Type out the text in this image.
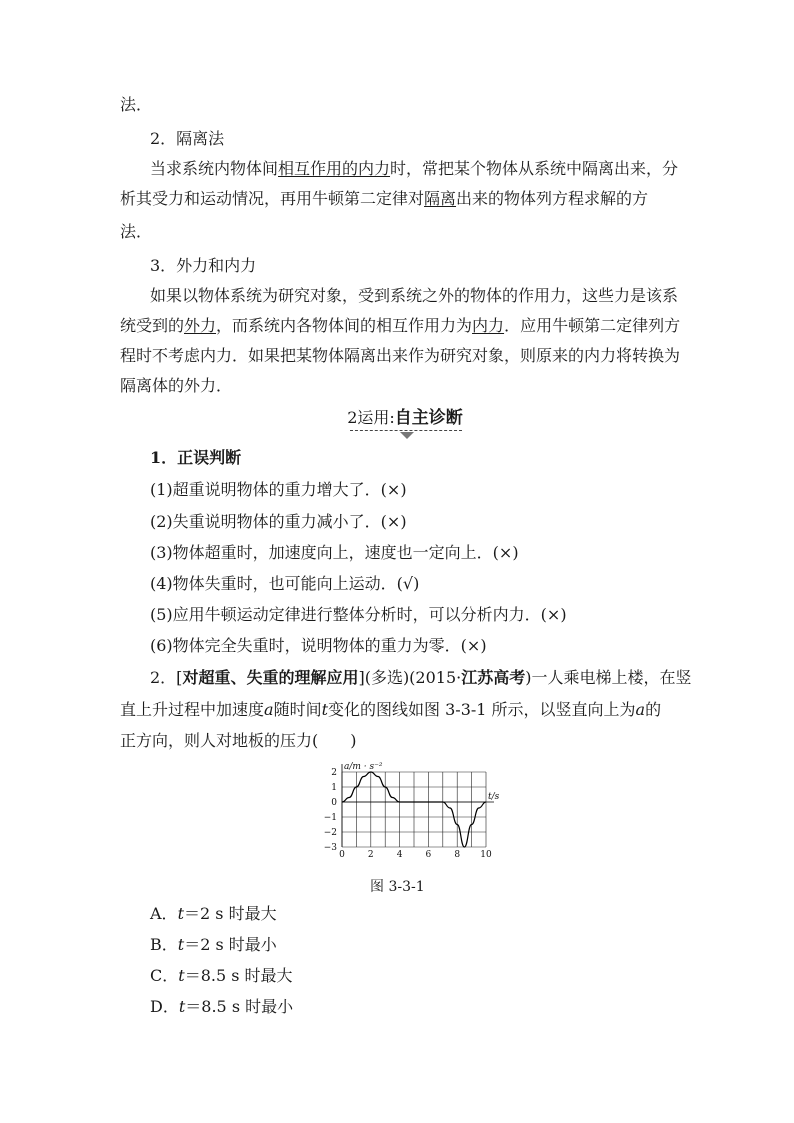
法．
2．隔离法
当求系统内物体间相互作用的内力时，常把某个物体从系统中隔离出来，分
析其受力和运动情况，再用牛顿第二定律对隔离出来的物体列方程求解的方
法．
3．外力和内力
如果以物体系统为研究对象，受到系统之外的物体的作用力，这些力是该系
统受到的外力，而系统内各物体间的相互作用力为内力．应用牛顿第二定律列方
程时不考虑内力．如果把某物体隔离出来作为研究对象，则原来的内力将转换为
隔离体的外力．
2运用:自主诊断
1．正误判断
(1)超重说明物体的重力增大了．(×)
(2)失重说明物体的重力减小了．(×)
(3)物体超重时，加速度向上，速度也一定向上．(×)
(4)物体失重时，也可能向上运动．(√)
(5)应用牛顿运动定律进行整体分析时，可以分析内力．(×)
(6)物体完全失重时，说明物体的重力为零．(×)
2．[对超重、失重的理解应用](多选)(2015·江苏高考)一人乘电梯上楼，在竖
直上升过程中加速度a随时间t变化的图线如图 3-3-1 所示，以竖直向上为a的
正方向，则人对地板的压力(　　)
0	2	4	6	8 10
2
1
0
−1
−2
−3
a/m · s⁻²
t/s
图 3-3-1
A．t＝2 s 时最大
B．t＝2 s 时最小
C．t＝8.5 s 时最大
D．t＝8.5 s 时最小
